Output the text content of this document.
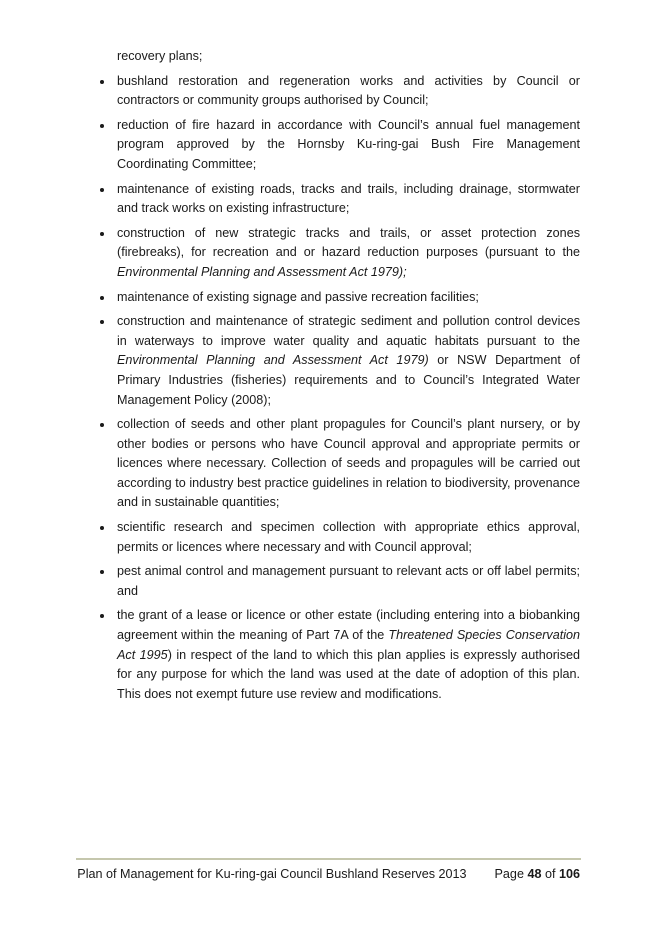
recovery plans;

bushland restoration and regeneration works and activities by Council or contractors or community groups authorised by Council;
reduction of fire hazard in accordance with Council’s annual fuel management program approved by the Hornsby Ku-ring-gai Bush Fire Management Coordinating Committee;
maintenance of existing roads, tracks and trails, including drainage, stormwater and track works on existing infrastructure;
construction of new strategic tracks and trails, or asset protection zones (firebreaks), for recreation and or hazard reduction purposes (pursuant to the Environmental Planning and Assessment Act 1979);
maintenance of existing signage and passive recreation facilities;
construction and maintenance of strategic sediment and pollution control devices in waterways to improve water quality and aquatic habitats pursuant to the Environmental Planning and Assessment Act 1979) or NSW Department of Primary Industries (fisheries) requirements and to Council’s Integrated Water Management Policy (2008);
collection of seeds and other plant propagules for Council’s plant nursery, or by other bodies or persons who have Council approval and appropriate permits or licences where necessary. Collection of seeds and propagules will be carried out according to industry best practice guidelines in relation to biodiversity, provenance and in sustainable quantities;
scientific research and specimen collection with appropriate ethics approval, permits or licences where necessary and with Council approval;
pest animal control and management pursuant to relevant acts or off label permits; and
the grant of a lease or licence or other estate (including entering into a biobanking agreement within the meaning of Part 7A of the Threatened Species Conservation Act 1995) in respect of the land to which this plan applies is expressly authorised for any purpose for which the land was used at the date of adoption of this plan. This does not exempt future use review and modifications.
Plan of Management for Ku-ring-gai Council Bushland Reserves 2013 Page 48 of 106
